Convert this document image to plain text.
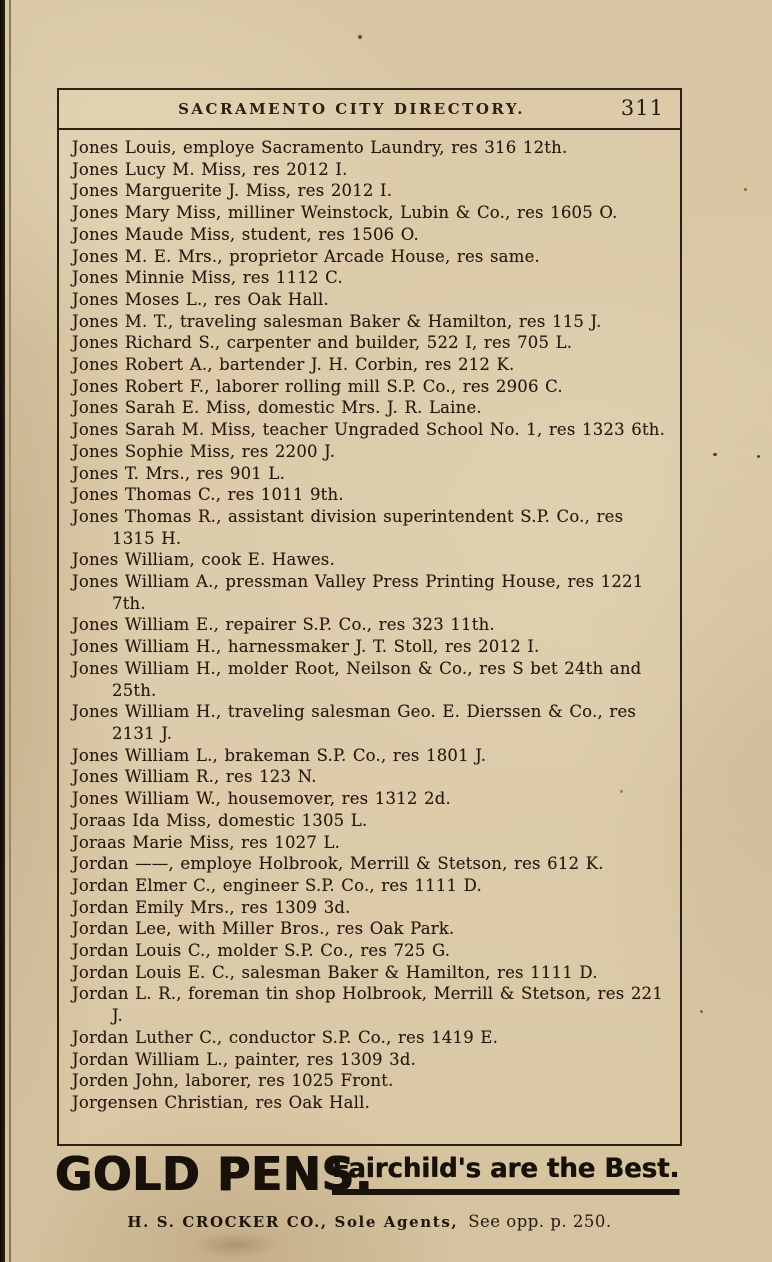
SACRAMENTO CITY DIRECTORY.	311
Jones Louis, employe Sacramento Laundry, res 316 12th.
Jones Lucy M. Miss, res 2012 I.
Jones Marguerite J. Miss, res 2012 I.
Jones Mary Miss, milliner Weinstock, Lubin & Co., res 1605 O.
Jones Maude Miss, student, res 1506 O.
Jones M. E. Mrs., proprietor Arcade House, res same.
Jones Minnie Miss, res 1112 C.
Jones Moses L., res Oak Hall.
Jones M. T., traveling salesman Baker & Hamilton, res 115 J.
Jones Richard S., carpenter and builder, 522 I, res 705 L.
Jones Robert A., bartender J. H. Corbin, res 212 K.
Jones Robert F., laborer rolling mill S.P. Co., res 2906 C.
Jones Sarah E. Miss, domestic Mrs. J. R. Laine.
Jones Sarah M. Miss, teacher Ungraded School No. 1, res 1323 6th.
Jones Sophie Miss, res 2200 J.
Jones T. Mrs., res 901 L.
Jones Thomas C., res 1011 9th.
Jones Thomas R., assistant division superintendent S.P. Co., res 1315 H.
Jones William, cook E. Hawes.
Jones William A., pressman Valley Press Printing House, res 1221 7th.
Jones William E., repairer S.P. Co., res 323 11th.
Jones William H., harnessmaker J. T. Stoll, res 2012 I.
Jones William H., molder Root, Neilson & Co., res S bet 24th and 25th.
Jones William H., traveling salesman Geo. E. Dierssen & Co., res 2131 J.
Jones William L., brakeman S.P. Co., res 1801 J.
Jones William R., res 123 N.
Jones William W., housemover, res 1312 2d.
Joraas Ida Miss, domestic 1305 L.
Joraas Marie Miss, res 1027 L.
Jordan ——, employe Holbrook, Merrill & Stetson, res 612 K.
Jordan Elmer C., engineer S.P. Co., res 1111 D.
Jordan Emily Mrs., res 1309 3d.
Jordan Lee, with Miller Bros., res Oak Park.
Jordan Louis C., molder S.P. Co., res 725 G.
Jordan Louis E. C., salesman Baker & Hamilton, res 1111 D.
Jordan L. R., foreman tin shop Holbrook, Merrill & Stetson, res 221 J.
Jordan Luther C., conductor S.P. Co., res 1419 E.
Jordan William L., painter, res 1309 3d.
Jorden John, laborer, res 1025 Front.
Jorgensen Christian, res Oak Hall.
GOLD PENS.
Fairchild's are the Best.
H. S. CROCKER CO., Sole Agents, See opp. p. 250.
